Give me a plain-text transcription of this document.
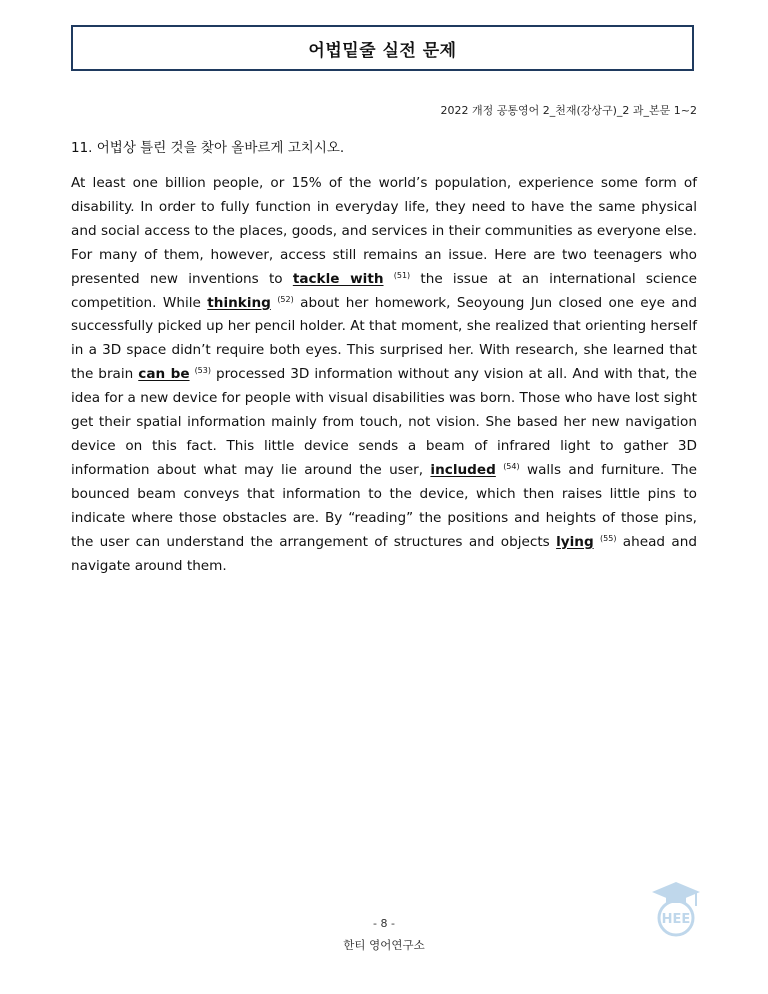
어법밑줄 실전 문제
2022 개정 공통영어 2_천재(강상구)_2 과_본문 1~2
11. 어법상 틀린 것을 찾아 올바르게 고치시오.

At least one billion people, or 15% of the world’s population, experience some form of disability. In order to fully function in everyday life, they need to have the same physical and social access to the places, goods, and services in their communities as everyone else. For many of them, however, access still remains an issue. Here are two teenagers who presented new inventions to tackle with $^{(51)}$ the issue at an international science competition. While thinking $^{(52)}$ about her homework, Seoyoung Jun closed one eye and successfully picked up her pencil holder. At that moment, she realized that orienting herself in a 3D space didn’t require both eyes. This surprised her. With research, she learned that the brain can be $^{(53)}$ processed 3D information without any vision at all. And with that, the idea for a new device for people with visual disabilities was born. Those who have lost sight get their spatial information mainly from touch, not vision. She based her new navigation device on this fact. This little device sends a beam of infrared light to gather 3D information about what may lie around the user, included $^{(54)}$ walls and furniture. The bounced beam conveys that information to the device, which then raises little pins to indicate where those obstacles are. By “reading” the positions and heights of those pins, the user can understand the arrangement of structures and objects lying $^{(55)}$ ahead and navigate around them.

- 8 -
한티 영어연구소
HEE
